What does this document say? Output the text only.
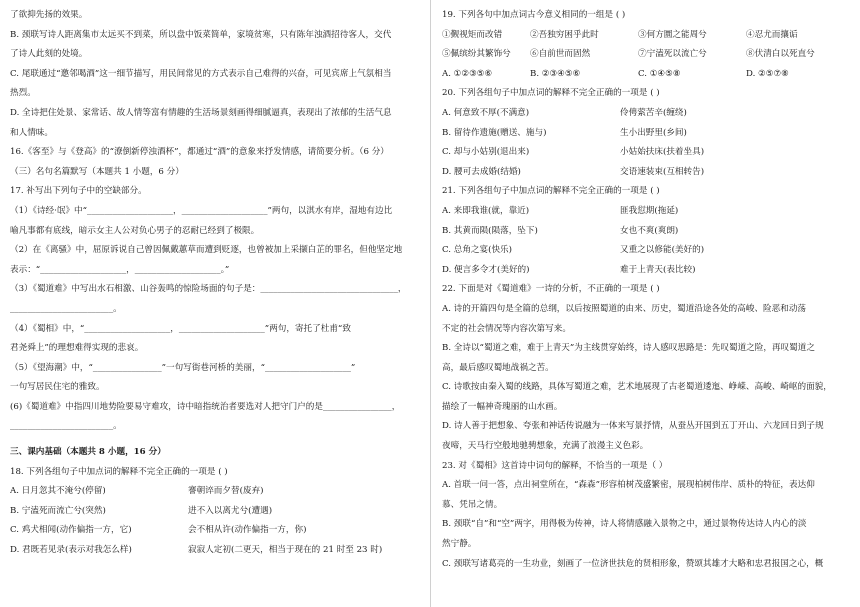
了欲抑先扬的效果。
B. 颈联写诗人距离集市太远买不到菜，所以盘中饭菜简单，家境贫寒，只有陈年浊酒招待客人，交代
了诗人此刻的处境。
C. 尾联通过“邀邻喝酒”这一细节描写，用民间常见的方式表示自己难得的兴奋，可见宾席上气氛相当
热烈。
D. 全诗把住处景、家常话、故人情等富有情趣的生活场景刻画得细腻逼真，表现出了浓郁的生活气息
和人情味。
16.《客至》与《登高》的“潦倒新停浊酒杯”，都通过“酒”的意象来抒发情感，请简要分析。（6 分）
（三）名句名篇默写（本题共 1 小题，6 分）
17. 补写出下列句子中的空缺部分。
（1）《诗经·氓》中“____________________，____________________”两句，以淇水有岸，湿地有边比
喻凡事都有底线，暗示女主人公对负心男子的忍耐已经到了极限。
（2）在《离骚》中，屈原诉说自己曾因佩戴蕙草而遭到贬逐，也曾被加上采撷白芷的罪名，但他坚定地
表示：“____________________，____________________。”
（3）《蜀道难》中写出水石相激、山谷轰鸣的惊险场面的句子是：________________________________，
________________________。
（4）《蜀相》中，“____________________，____________________”两句，寄托了杜甫“致
君尧舜上”的理想难得实现的悲哀。
（5）《望海潮》中，“________________”一句写街巷河桥的美丽，“____________________”
一句写居民住宅的雅致。
(6)《蜀道难》中指四川地势险要易守难攻，诗中暗指统治者要选对人把守门户的是________________，
________________________。
三、课内基础（本题共 8 小题，16 分）
18. 下列各组句子中加点词的解释不完全正确的一项是 ( )
A. 日月忽其不淹兮(停留)	謇朝谇而夕替(废弃)
B. 宁溘死而流亡兮(突然)	进不入以离尤兮(遭遇)
C. 鸡犬相闻(动作偏指一方，它)	会不相从许(动作偏指一方，你)
D. 君既若见录(表示对我怎么样)	寂寂人定初(二更天，相当于现在的 21 时至 23 时)
19. 下列各句中加点词古今意义相同的一组是 ( )
①觐视矩而改错	②吾独穷困乎此时	③何方圜之能周兮	④忍尤而攘诟
⑤佩缤纷其繁饰兮	⑥自前世而固然	⑦宁溘死以流亡兮	⑧伏清白以死直兮
A. ①②③⑤⑥	B. ②③④⑤⑥	C. ①④⑤⑧	D. ②⑤⑦⑧
20. 下列各组句子中加点词的解释不完全正确的一项是 ( )
A. 何意致不厚(不满意)	伶俜萦苦辛(缠绕)
B. 留待作遗施(赠送、施与)	生小出野里(乡间)
C. 却与小姑别(退出来)	小姑始扶床(扶着坐具)
D. 腰可去成婚(结婚)	交语速装束(互相转告)
21. 下列各组句子中加点词的解释不完全正确的一项是 ( )
A. 来即我谁(就，靠近)	匪我愆期(拖延)
B. 其黄而陨(陨落，坠下)	女也不爽(爽朗)
C. 总角之宴(快乐)	又重之以修能(美好的)
D. 便言多令才(美好的)	难于上青天(表比较)
22. 下面是对《蜀道难》一诗的分析，不正确的一项是 ( )
A. 诗的开篇四句是全篇的总纲，以后按照蜀道的由来、历史，蜀道沿途各处的高峻、险恶和动荡
不定的社会情况等内容次第写来。
B. 全诗以“蜀道之难，难于上青天”为主线贯穿始终，诗人感叹思路是：先叹蜀道之险，再叹蜀道之
高，最后感叹蜀地战祸之苦。
C. 诗歌按由秦入蜀的线路，具体写蜀道之难，艺术地展现了古老蜀道逶迤、峥嵘、高峻、崎岖的面貌，
描绘了一幅神奇瑰丽的山水画。
D. 诗人善于把想象、夸张和神话传说融为一体来写景抒情，从蚕丛开国到五丁开山、六龙回日到子规
夜啼，天马行空般地驰骋想象，充满了浪漫主义色彩。
23. 对《蜀相》这首诗中词句的解释，不恰当的一项是（ ）
A. 首联一问一答，点出祠堂所在，“森森”形容柏树茂盛繁密，展现柏树伟岸、质朴的特征，表达仰
慕、凭吊之情。
B. 颈联“自”和“空”两字，用得极为传神，诗人将情感融入景物之中，通过景物传达诗人内心的淡
然宁静。
C. 颈联写诸葛亮的一生功业，刻画了一位济世扶危的贤相形象，赞颂其雄才大略和忠君报国之心，概
